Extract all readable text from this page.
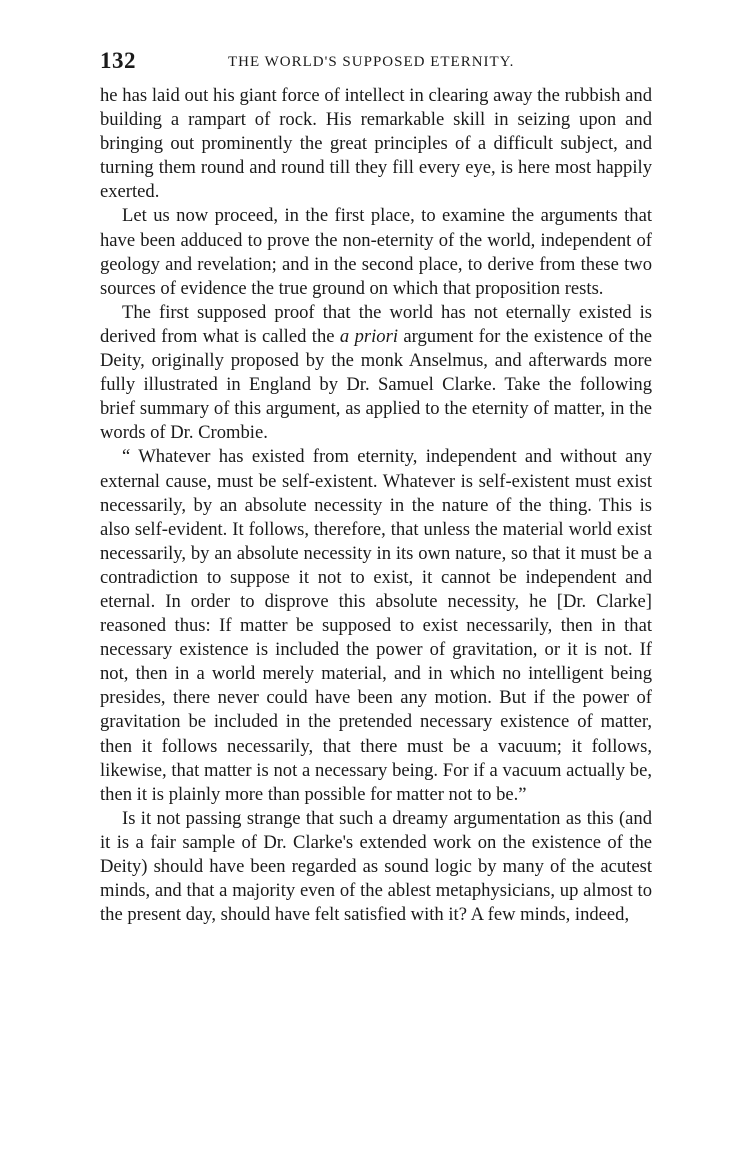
132	THE WORLD'S SUPPOSED ETERNITY.

he has laid out his giant force of intellect in clearing away the rubbish and building a rampart of rock. His remarkable skill in seizing upon and bringing out prominently the great principles of a difficult subject, and turning them round and round till they fill every eye, is here most happily exerted.

Let us now proceed, in the first place, to examine the arguments that have been adduced to prove the non-eternity of the world, independent of geology and revelation; and in the second place, to derive from these two sources of evidence the true ground on which that proposition rests.

The first supposed proof that the world has not eternally existed is derived from what is called the a priori argument for the existence of the Deity, originally proposed by the monk Anselmus, and afterwards more fully illustrated in England by Dr. Samuel Clarke. Take the following brief summary of this argument, as applied to the eternity of matter, in the words of Dr. Crombie.

“ Whatever has existed from eternity, independent and without any external cause, must be self-existent. Whatever is self-existent must exist necessarily, by an absolute necessity in the nature of the thing. This is also self-evident. It follows, therefore, that unless the material world exist necessarily, by an absolute necessity in its own nature, so that it must be a contradiction to suppose it not to exist, it cannot be independent and eternal. In order to disprove this absolute necessity, he [Dr. Clarke] reasoned thus: If matter be supposed to exist necessarily, then in that necessary existence is included the power of gravitation, or it is not. If not, then in a world merely material, and in which no intelligent being presides, there never could have been any motion. But if the power of gravitation be included in the pretended necessary existence of matter, then it follows necessarily, that there must be a vacuum; it follows, likewise, that matter is not a necessary being. For if a vacuum actually be, then it is plainly more than possible for matter not to be.”

Is it not passing strange that such a dreamy argumentation as this (and it is a fair sample of Dr. Clarke's extended work on the existence of the Deity) should have been regarded as sound logic by many of the acutest minds, and that a majority even of the ablest metaphysicians, up almost to the present day, should have felt satisfied with it? A few minds, indeed,
